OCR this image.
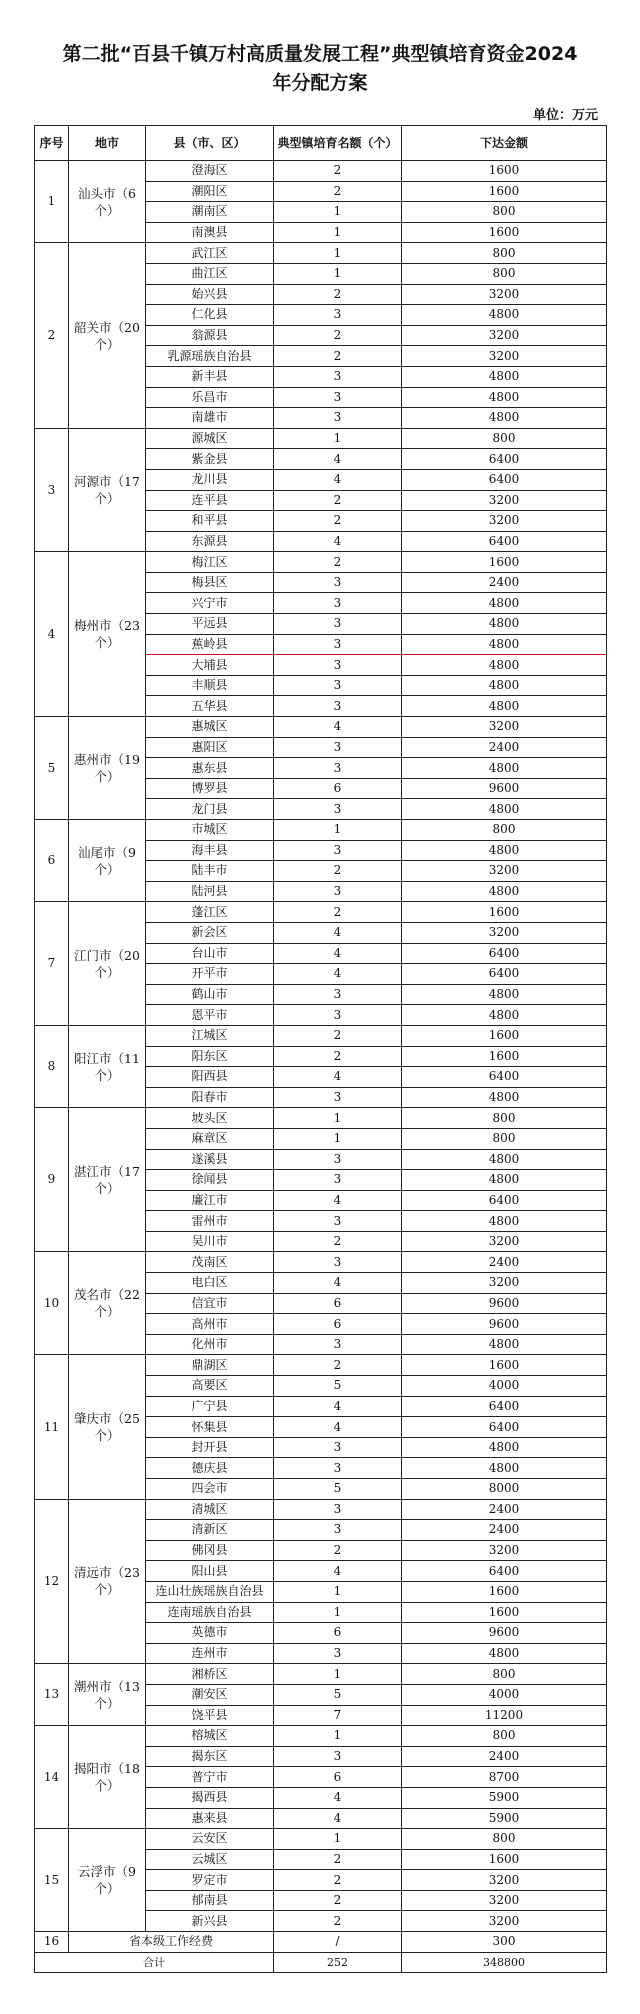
第二批“百县千镇万村高质量发展工程”典型镇培育资金2024
年分配方案
单位：万元
序号	地市	县（市、区）	典型镇培育名额（个）	下达金额
1	汕头市（6个）	澄海区	2	1600
		潮阳区	2	1600
		潮南区	1	800
		南澳县	1	1600
2	韶关市（20个）	武江区	1	800
		曲江区	1	800
		始兴县	2	3200
		仁化县	3	4800
		翁源县	2	3200
		乳源瑶族自治县	2	3200
		新丰县	3	4800
		乐昌市	3	4800
		南雄市	3	4800
3	河源市（17个）	源城区	1	800
		紫金县	4	6400
		龙川县	4	6400
		连平县	2	3200
		和平县	2	3200
		东源县	4	6400
4	梅州市（23个）	梅江区	2	1600
		梅县区	3	2400
		兴宁市	3	4800
		平远县	3	4800
		蕉岭县	3	4800
		大埔县	3	4800
		丰顺县	3	4800
		五华县	3	4800
5	惠州市（19个）	惠城区	4	3200
		惠阳区	3	2400
		惠东县	3	4800
		博罗县	6	9600
		龙门县	3	4800
6	汕尾市（9个）	市城区	1	800
		海丰县	3	4800
		陆丰市	2	3200
		陆河县	3	4800
7	江门市（20个）	蓬江区	2	1600
		新会区	4	3200
		台山市	4	6400
		开平市	4	6400
		鹤山市	3	4800
		恩平市	3	4800
8	阳江市（11个）	江城区	2	1600
		阳东区	2	1600
		阳西县	4	6400
		阳春市	3	4800
9	湛江市（17个）	坡头区	1	800
		麻章区	1	800
		遂溪县	3	4800
		徐闻县	3	4800
		廉江市	4	6400
		雷州市	3	4800
		吴川市	2	3200
10	茂名市（22个）	茂南区	3	2400
		电白区	4	3200
		信宜市	6	9600
		高州市	6	9600
		化州市	3	4800
11	肇庆市（25个）	鼎湖区	2	1600
		高要区	5	4000
		广宁县	4	6400
		怀集县	4	6400
		封开县	3	4800
		德庆县	3	4800
		四会市	5	8000
12	清远市（23个）	清城区	3	2400
		清新区	3	2400
		佛冈县	2	3200
		阳山县	4	6400
		连山壮族瑶族自治县	1	1600
		连南瑶族自治县	1	1600
		英德市	6	9600
		连州市	3	4800
13	潮州市（13个）	湘桥区	1	800
		潮安区	5	4000
		饶平县	7	11200
14	揭阳市（18个）	榕城区	1	800
		揭东区	3	2400
		普宁市	6	8700
		揭西县	4	5900
		惠来县	4	5900
15	云浮市（9个）	云安区	1	800
		云城区	2	1600
		罗定市	2	3200
		郁南县	2	3200
		新兴县	2	3200
16	省本级工作经费		/	300
合计			252	348800
